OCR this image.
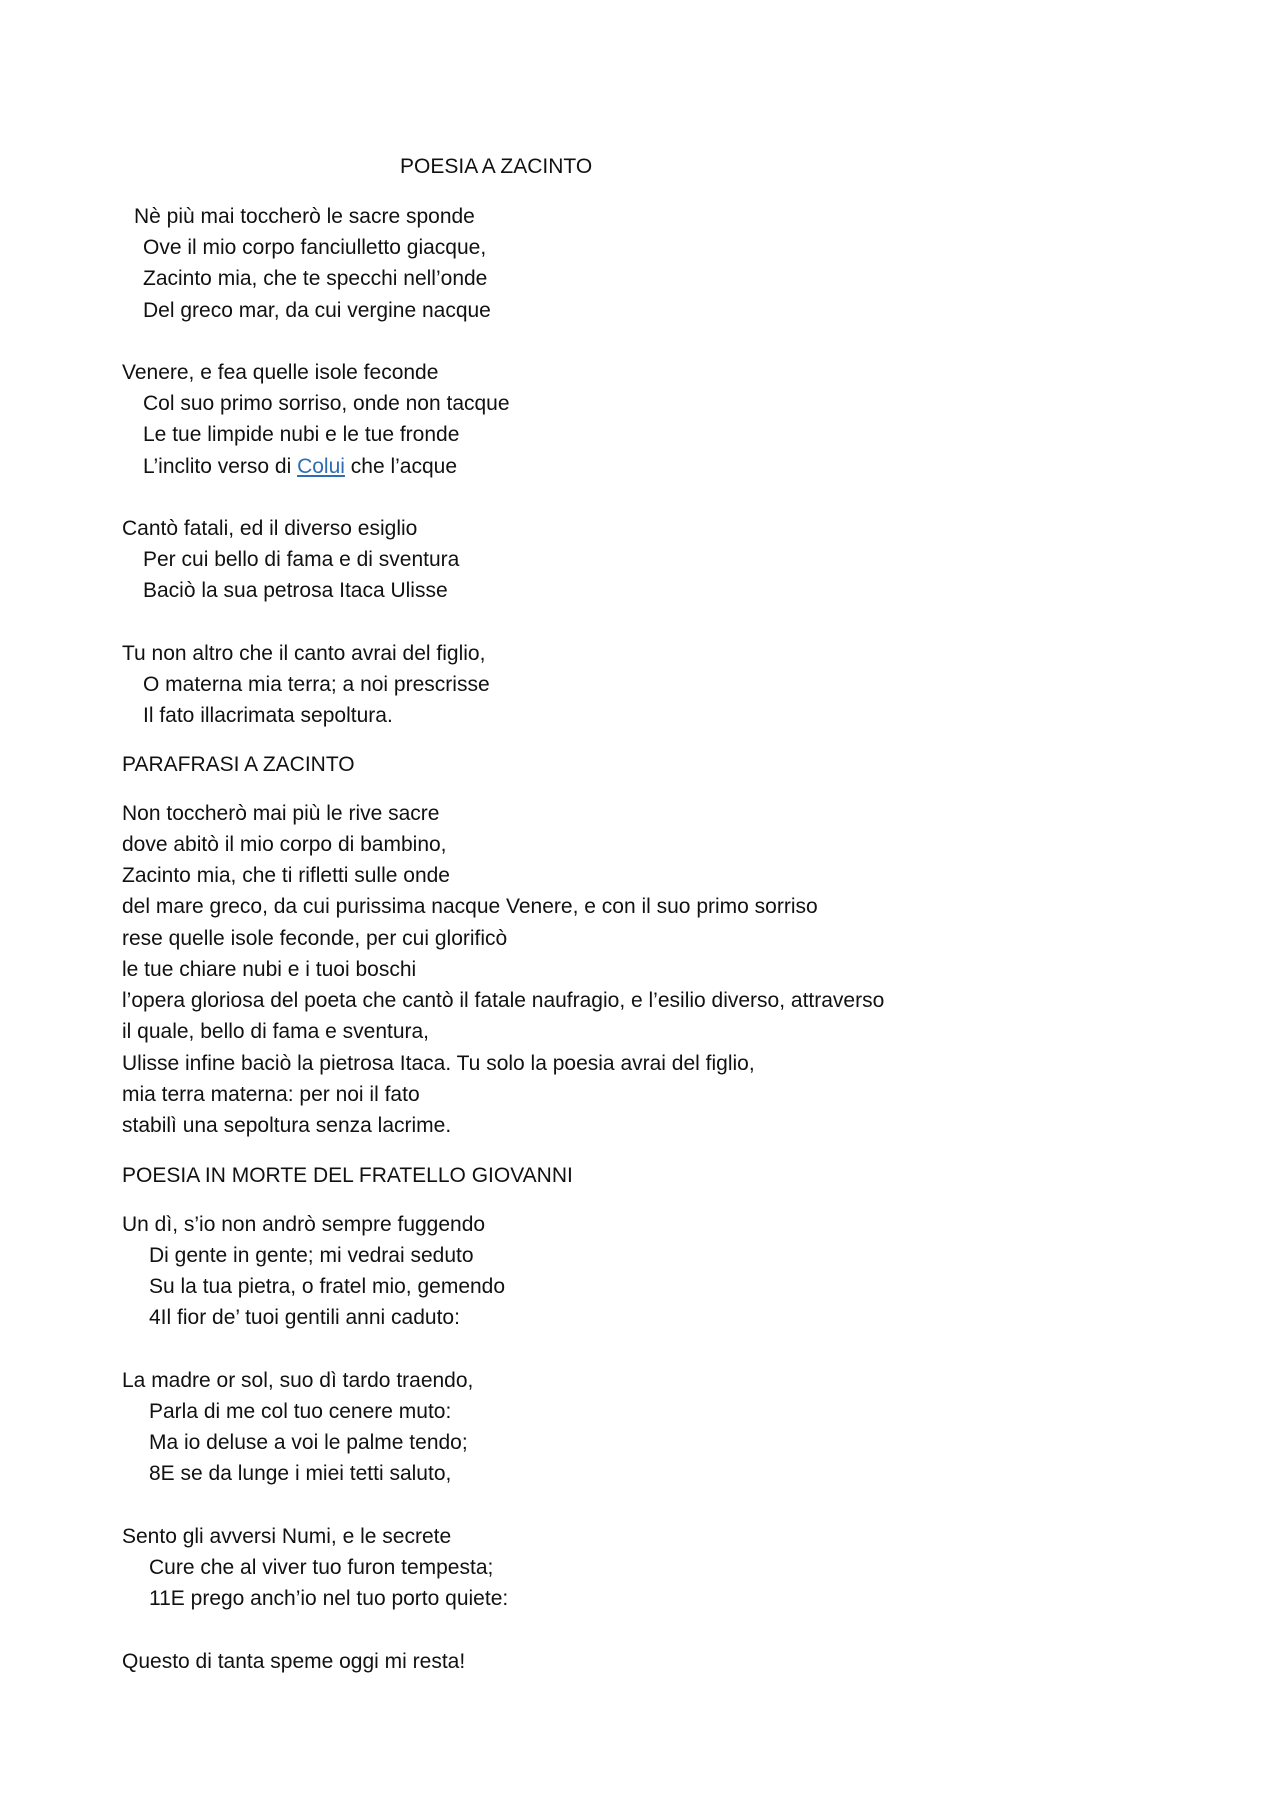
POESIA A ZACINTO
Nè più mai toccherò le sacre sponde
Ove il mio corpo fanciulletto giacque,
Zacinto mia, che te specchi nell’onde
Del greco mar, da cui vergine nacque
Venere, e fea quelle isole feconde
Col suo primo sorriso, onde non tacque
Le tue limpide nubi e le tue fronde
L’inclito verso di Colui che l’acque
Cantò fatali, ed il diverso esiglio
Per cui bello di fama e di sventura
Baciò la sua petrosa Itaca Ulisse
Tu non altro che il canto avrai del figlio,
O materna mia terra; a noi prescrisse
Il fato illacrimata sepoltura.
PARAFRASI A ZACINTO
Non toccherò mai più le rive sacre
dove abitò il mio corpo di bambino,
Zacinto mia, che ti rifletti sulle onde
del mare greco, da cui purissima nacque Venere, e con il suo primo sorriso
rese quelle isole feconde, per cui glorificò
le tue chiare nubi e i tuoi boschi
l’opera gloriosa del poeta che cantò il fatale naufragio, e l’esilio diverso, attraverso
il quale, bello di fama e sventura,
Ulisse infine baciò la pietrosa Itaca. Tu solo la poesia avrai del figlio,
mia terra materna: per noi il fato
stabilì una sepoltura senza lacrime.
POESIA IN MORTE DEL FRATELLO GIOVANNI
Un dì, s’io non andrò sempre fuggendo
Di gente in gente; mi vedrai seduto
Su la tua pietra, o fratel mio, gemendo
4Il fior de’ tuoi gentili anni caduto:
La madre or sol, suo dì tardo traendo,
Parla di me col tuo cenere muto:
Ma io deluse a voi le palme tendo;
8E se da lunge i miei tetti saluto,
Sento gli avversi Numi, e le secrete
Cure che al viver tuo furon tempesta;
11E prego anch’io nel tuo porto quiete:
Questo di tanta speme oggi mi resta!
